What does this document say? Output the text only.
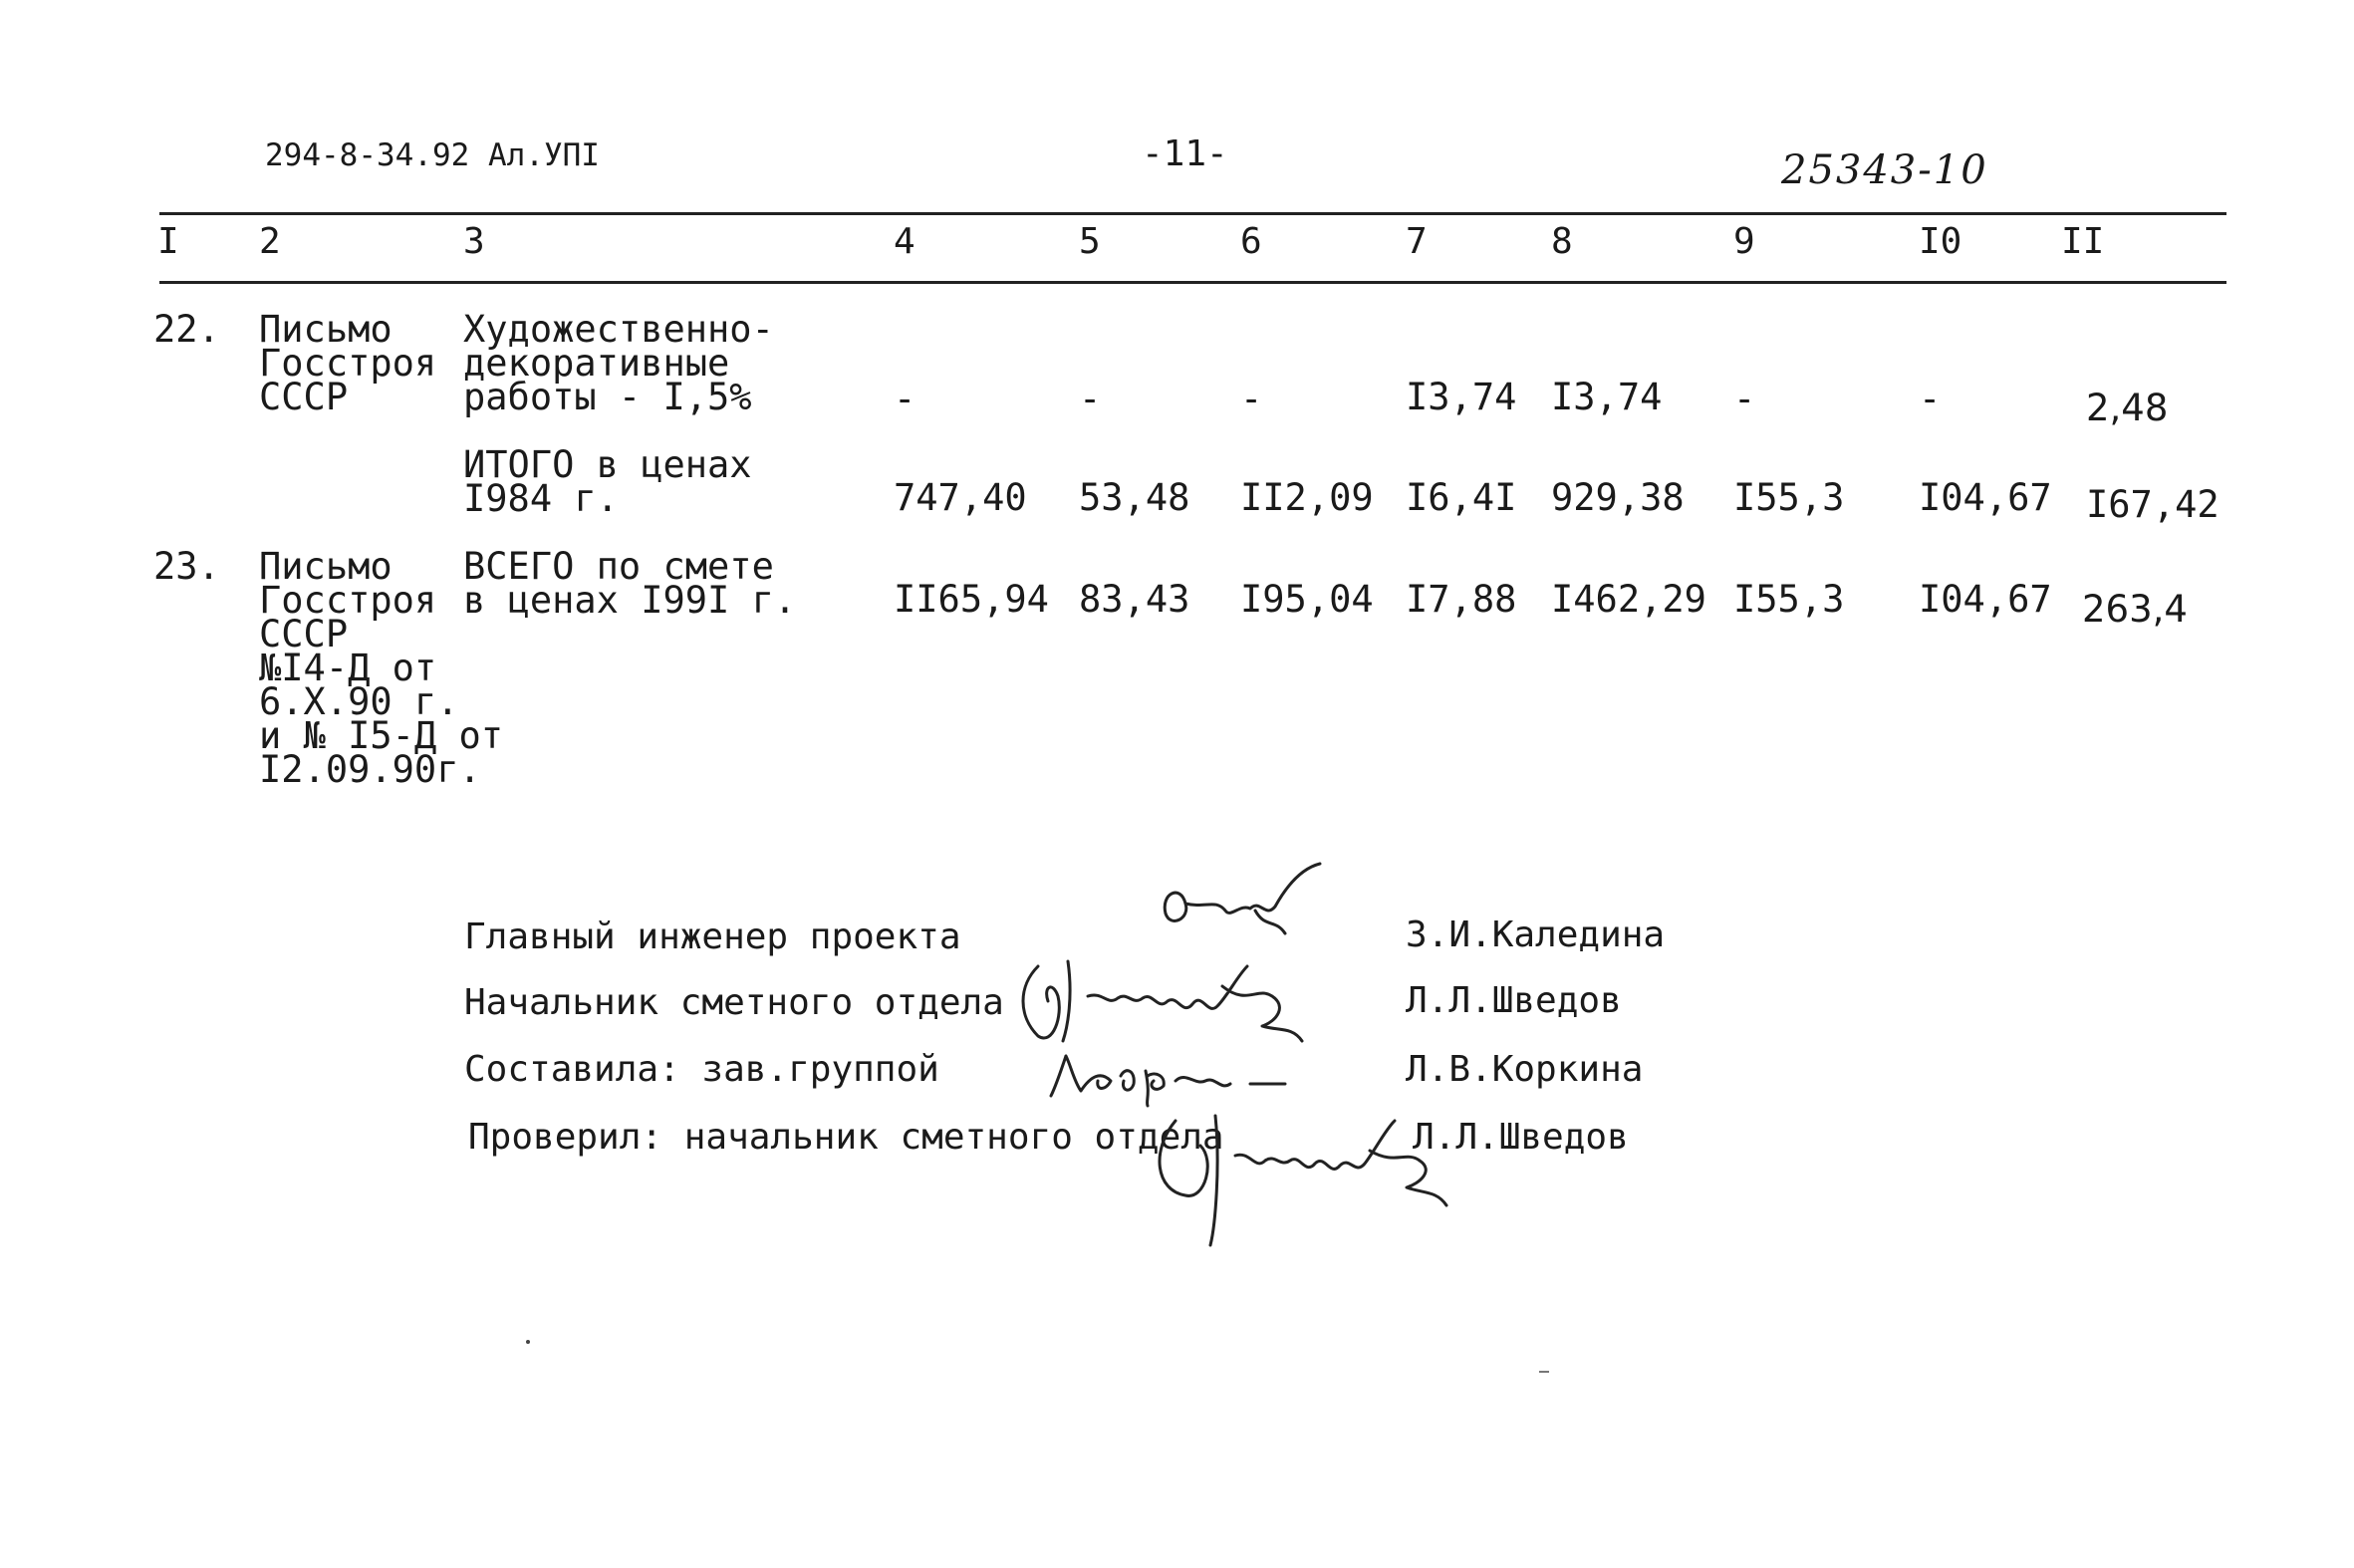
294-8-34.92 Ал.УПI	-11-	25343-10
I 2	3	4	5	6	7	8	9	I0	II
22. Письмо
Госстроя
СССР
Художественно-
декоративные
работы - I,5%	-	-	-	I3,74 I3,74 -	-	2,48
ИТОГО в ценах
I984 г.	747,40 53,48 II2,09 I6,4I 929,38 I55,3 I04,67 I67,42
23. Письмо
Госстроя
СССР
№I4-Д от
6.X.90 г.
и № I5-Д от
I2.09.90г.
ВСЕГО по смете
в ценах I99I г.	II65,94 83,43 I95,04 I7,88 I462,29 I55,3 I04,67 263,4
Главный инженер проекта	З.И.Каледина
Начальник сметного отдела	Л.Л.Шведов
Составила: зав.группой	Л.В.Коркина
Проверил: начальник сметного отдела	Л.Л.Шведов
